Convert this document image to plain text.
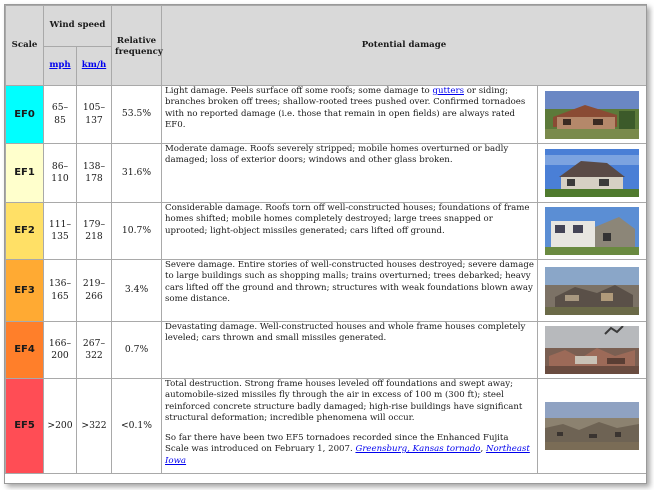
Scale	Wind speed		Relative frequency	Potential damage	
	mph	km/h			
EF0	65–85	105–137	53.5%	Light damage. Peels surface off some roofs; some damage to gutters or siding; branches broken off trees; shallow-rooted trees pushed over. Confirmed tornadoes with no reported damage (i.e. those that remain in open fields) are always rated EF0.

EF1	86–110	138–178	31.6%	Moderate damage. Roofs severely stripped; mobile homes overturned or badly damaged; loss of exterior doors; windows and other glass broken.

EF2	111–135	179–218	10.7%	Considerable damage. Roofs torn off well-constructed houses; foundations of frame homes shifted; mobile homes completely destroyed; large trees snapped or uprooted; light-object missiles generated; cars lifted off ground.

EF3	136–165	219–266	3.4%	Severe damage. Entire stories of well-constructed houses destroyed; severe damage to large buildings such as shopping malls; trains overturned; trees debarked; heavy cars lifted off the ground and thrown; structures with weak foundations blown away some distance.

EF4	166–200	267–322	0.7%	Devastating damage. Well-constructed houses and whole frame houses completely leveled; cars thrown and small missiles generated.

EF5	>200	>322	<0.1%	Total destruction. Strong frame houses leveled off foundations and swept away; automobile-sized missiles fly through the air in excess of 100 m (300 ft); steel reinforced concrete structure badly damaged; high-rise buildings have significant structural deformation; incredible phenomena will occur.

So far there have been two EF5 tornadoes recorded since the Enhanced Fujita Scale was introduced on February 1, 2007. Greensburg, Kansas tornado, Northeast Iowa
